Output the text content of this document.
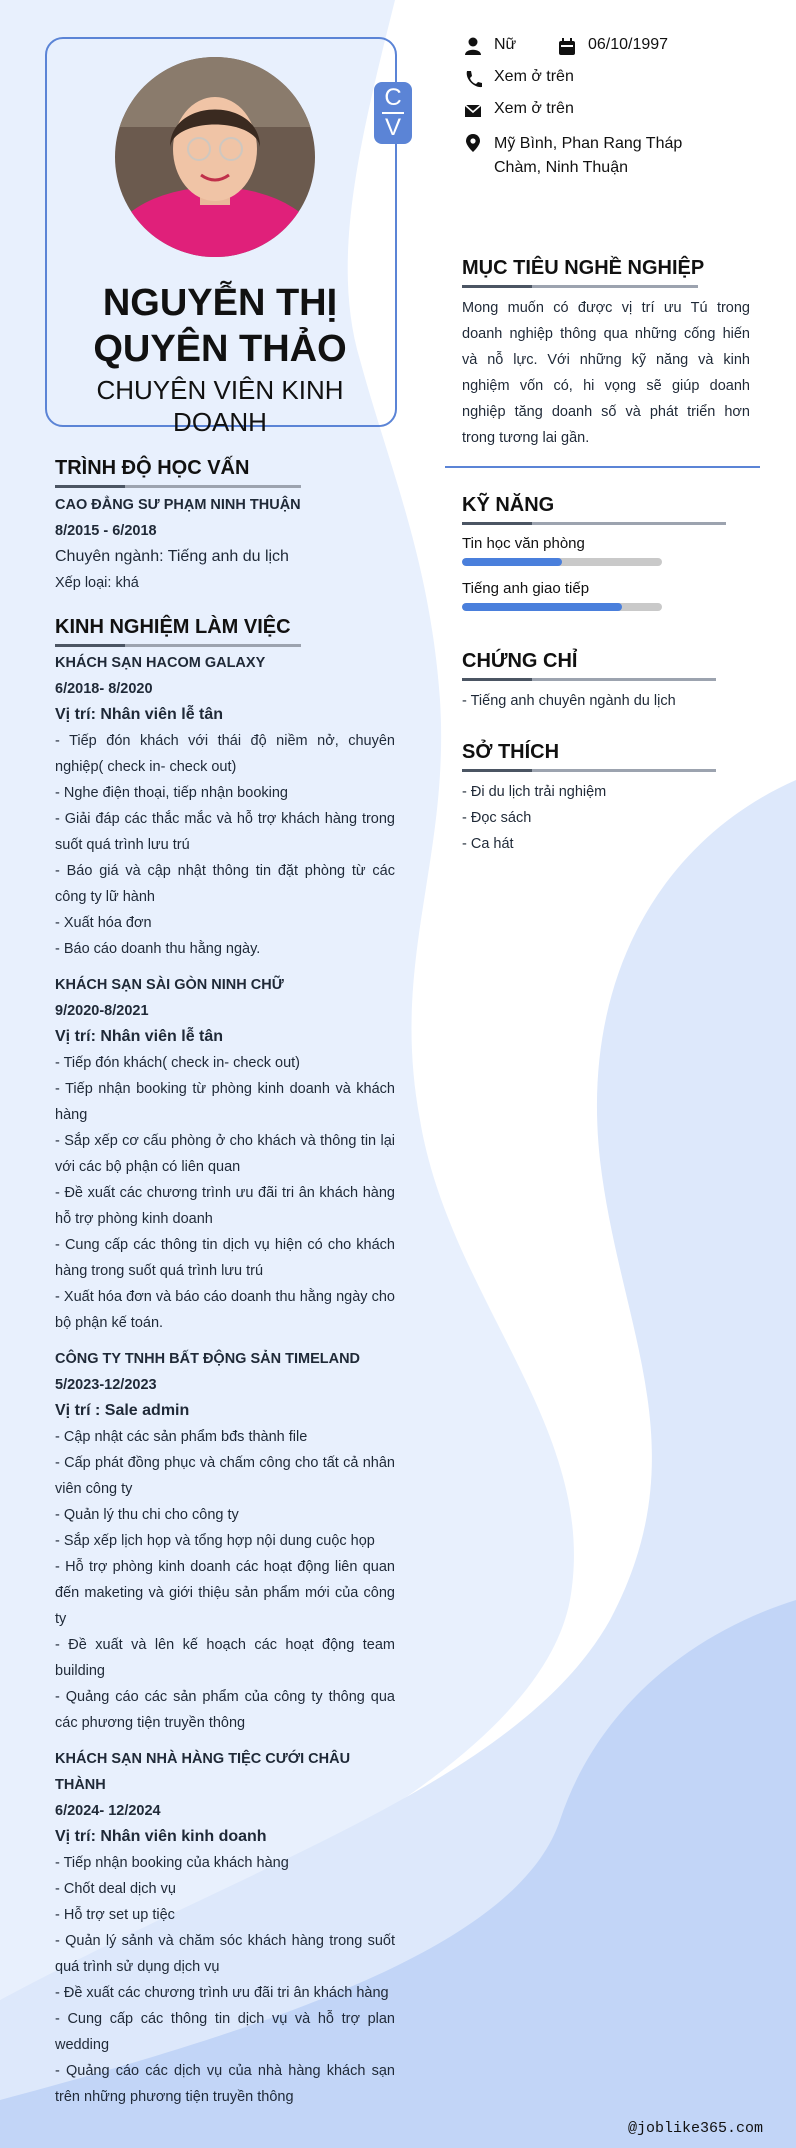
C
V
NGUYỄN THỊ
QUYÊN THẢO
CHUYÊN VIÊN KINH
DOANH
Nữ	06/10/1997
Xem ở trên
Xem ở trên
Mỹ Bình, Phan Rang Tháp
Chàm, Ninh Thuận
MỤC TIÊU NGHỀ NGHIỆP
Mong muốn có được vị trí ưu Tú trong doanh nghiệp thông qua những cống hiến và nỗ lực. Với những kỹ năng và kinh nghiệm vốn có, hi vọng sẽ giúp doanh nghiệp tăng doanh số và phát triển hơn trong tương lai gần.
KỸ NĂNG
Tin học văn phòng
Tiếng anh giao tiếp
CHỨNG CHỈ
- Tiếng anh chuyên ngành du lịch
SỞ THÍCH
- Đi du lịch trải nghiệm
- Đọc sách
- Ca hát
TRÌNH ĐỘ HỌC VẤN
CAO ĐẲNG SƯ PHẠM NINH THUẬN
8/2015 - 6/2018
Chuyên ngành: Tiếng anh du lịch
Xếp loại: khá
KINH NGHIỆM LÀM VIỆC
KHÁCH SẠN HACOM GALAXY
6/2018- 8/2020
Vị trí: Nhân viên lễ tân
- Tiếp đón khách với thái độ niềm nở, chuyên nghiệp( check in- check out)
- Nghe điện thoại, tiếp nhận booking
- Giải đáp các thắc mắc và hỗ trợ khách hàng trong suốt quá trình lưu trú
- Báo giá và cập nhật thông tin đặt phòng từ các công ty lữ hành
- Xuất hóa đơn
- Báo cáo doanh thu hằng ngày.
KHÁCH SẠN SÀI GÒN NINH CHỮ
9/2020-8/2021
Vị trí: Nhân viên lễ tân
- Tiếp đón khách( check in- check out)
- Tiếp nhận booking từ phòng kinh doanh và khách hàng
- Sắp xếp cơ cấu phòng ở cho khách và thông tin lại với các bộ phận có liên quan
- Đề xuất các chương trình ưu đãi tri ân khách hàng hỗ trợ phòng kinh doanh
- Cung cấp các thông tin dịch vụ hiện có cho khách hàng trong suốt quá trình lưu trú
- Xuất hóa đơn và báo cáo doanh thu hằng ngày cho bộ phận kế toán.
CÔNG TY TNHH BẤT ĐỘNG SẢN TIMELAND
5/2023-12/2023
Vị trí : Sale admin
- Cập nhật các sản phẩm bđs thành file
- Cấp phát đồng phục và chấm công cho tất cả nhân viên công ty
- Quản lý thu chi cho công ty
- Sắp xếp lịch họp và tổng hợp nội dung cuộc họp
- Hỗ trợ phòng kinh doanh các hoạt động liên quan đến maketing và giới thiệu sản phẩm mới của công ty
- Đề xuất và lên kế hoạch các hoạt động team building
- Quảng cáo các sản phẩm của công ty thông qua các phương tiện truyền thông
KHÁCH SẠN NHÀ HÀNG TIỆC CƯỚI CHÂU THÀNH
6/2024- 12/2024
Vị trí: Nhân viên kinh doanh
- Tiếp nhận booking của khách hàng
- Chốt deal dịch vụ
- Hỗ trợ set up tiệc
- Quản lý sảnh và chăm sóc khách hàng trong suốt quá trình sử dụng dịch vụ
- Đề xuất các chương trình ưu đãi tri ân khách hàng
- Cung cấp các thông tin dịch vụ và hỗ trợ plan wedding
- Quảng cáo các dịch vụ của nhà hàng khách sạn trên những phương tiện truyền thông
@joblike365.com
